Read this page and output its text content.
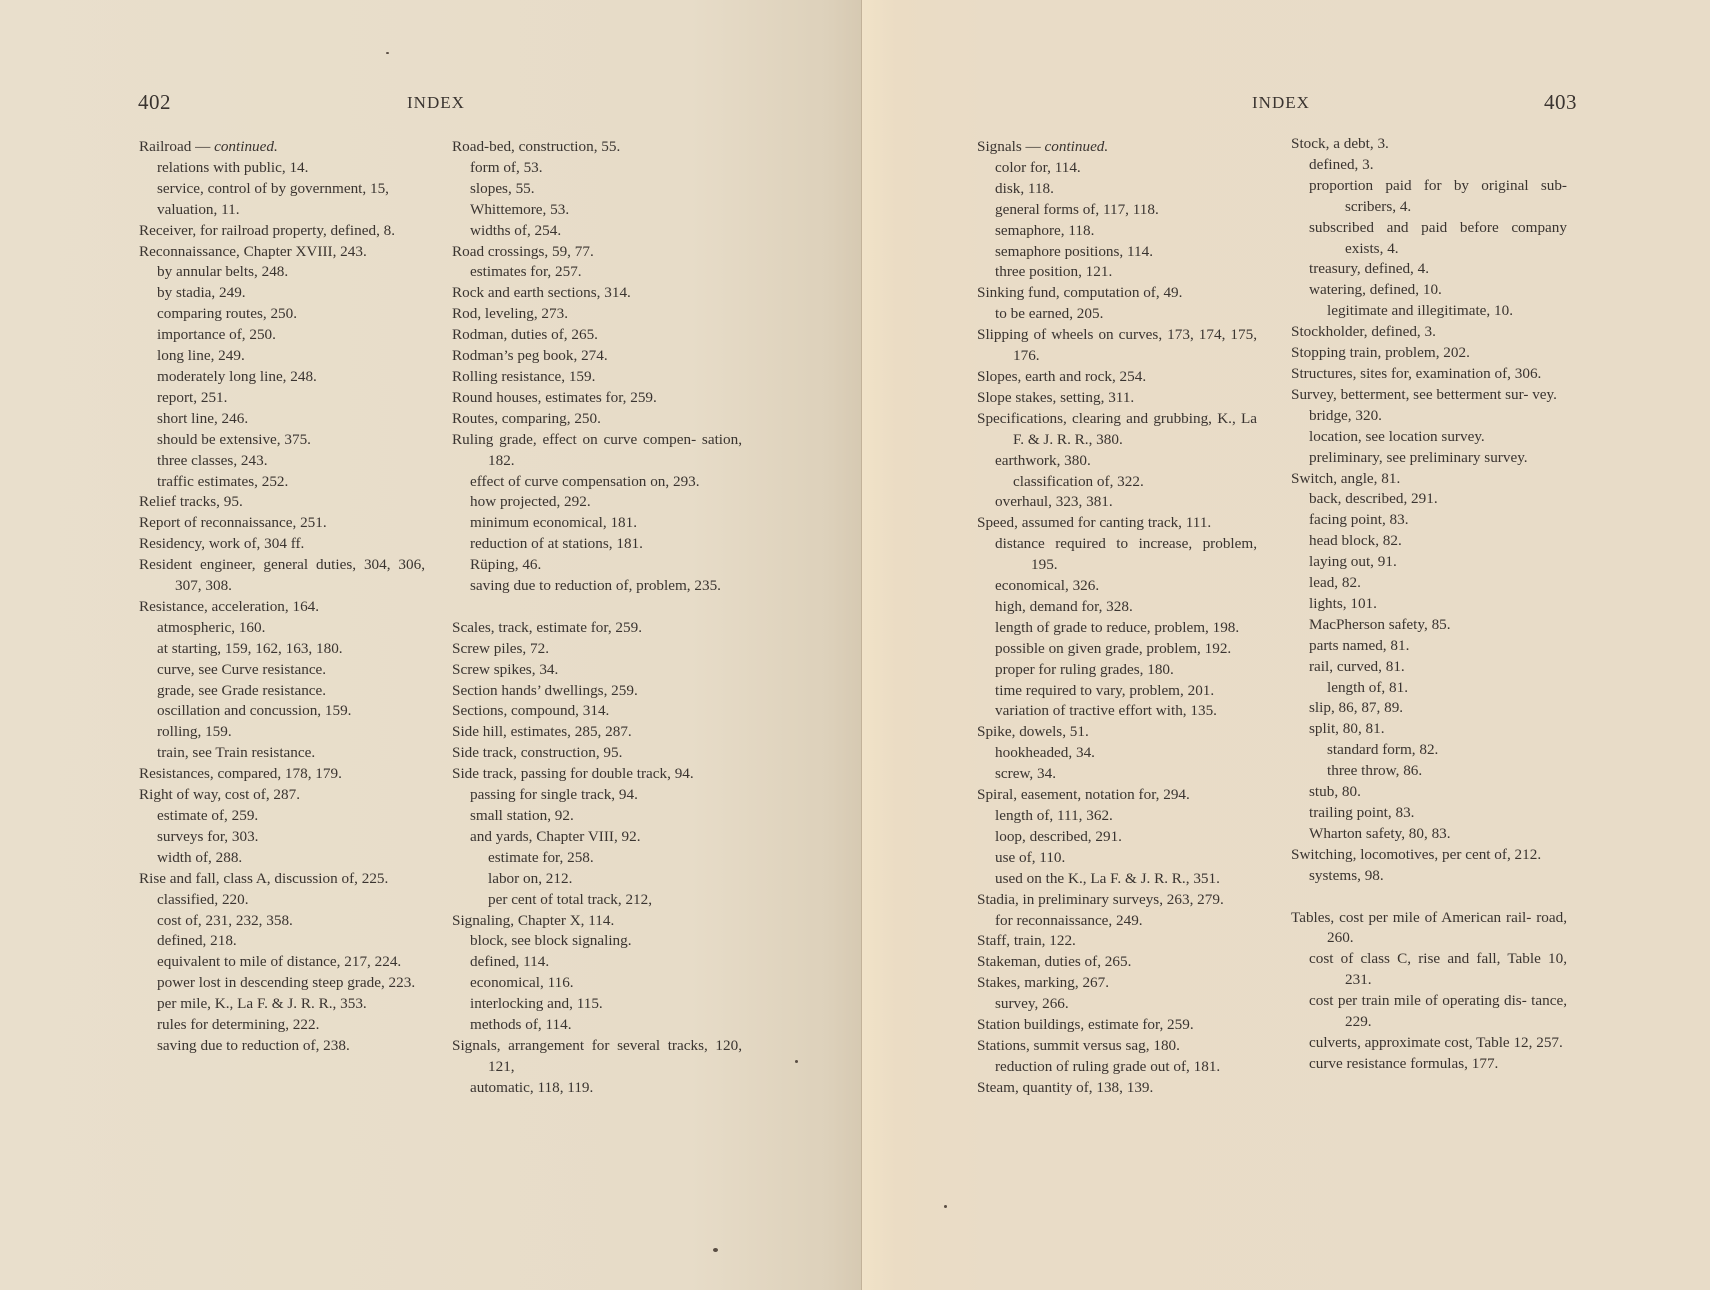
402	INDEX
Railroad — continued.
relations with public, 14.
service, control of by government, 15,
valuation, 11.
Receiver, for railroad property, defined, 8.
Reconnaissance, Chapter XVIII, 243.
by annular belts, 248.
by stadia, 249.
comparing routes, 250.
importance of, 250.
long line, 249.
moderately long line, 248.
report, 251.
short line, 246.
should be extensive, 375.
three classes, 243.
traffic estimates, 252.
Relief tracks, 95.
Report of reconnaissance, 251.
Residency, work of, 304 ff.
Resident engineer, general duties, 304, 306, 307, 308.
Resistance, acceleration, 164.
atmospheric, 160.
at starting, 159, 162, 163, 180.
curve, see Curve resistance.
grade, see Grade resistance.
oscillation and concussion, 159.
rolling, 159.
train, see Train resistance.
Resistances, compared, 178, 179.
Right of way, cost of, 287.
estimate of, 259.
surveys for, 303.
width of, 288.
Rise and fall, class A, discussion of, 225.
classified, 220.
cost of, 231, 232, 358.
defined, 218.
equivalent to mile of distance, 217, 224.
power lost in descending steep grade, 223.
per mile, K., La F. & J. R. R., 353.
rules for determining, 222.
saving due to reduction of, 238.
Road-bed, construction, 55.
form of, 53.
slopes, 55.
Whittemore, 53.
widths of, 254.
Road crossings, 59, 77.
estimates for, 257.
Rock and earth sections, 314.
Rod, leveling, 273.
Rodman, duties of, 265.
Rodman’s peg book, 274.
Rolling resistance, 159.
Round houses, estimates for, 259.
Routes, comparing, 250.
Ruling grade, effect on curve compen- sation, 182.
effect of curve compensation on, 293.
how projected, 292.
minimum economical, 181.
reduction of at stations, 181.
Rüping, 46.
saving due to reduction of, problem, 235.
Scales, track, estimate for, 259.
Screw piles, 72.
Screw spikes, 34.
Section hands’ dwellings, 259.
Sections, compound, 314.
Side hill, estimates, 285, 287.
Side track, construction, 95.
Side track, passing for double track, 94.
passing for single track, 94.
small station, 92.
and yards, Chapter VIII, 92.
estimate for, 258.
labor on, 212.
per cent of total track, 212,
Signaling, Chapter X, 114.
block, see block signaling.
defined, 114.
economical, 116.
interlocking and, 115.
methods of, 114.
Signals, arrangement for several tracks, 120, 121,
automatic, 118, 119.
INDEX	403
Signals — continued.
color for, 114.
disk, 118.
general forms of, 117, 118.
semaphore, 118.
semaphore positions, 114.
three position, 121.
Sinking fund, computation of, 49.
to be earned, 205.
Slipping of wheels on curves, 173, 174, 175, 176.
Slopes, earth and rock, 254.
Slope stakes, setting, 311.
Specifications, clearing and grubbing, K., La F. & J. R. R., 380.
earthwork, 380.
classification of, 322.
overhaul, 323, 381.
Speed, assumed for canting track, 111.
distance required to increase, problem, 195.
economical, 326.
high, demand for, 328.
length of grade to reduce, problem, 198.
possible on given grade, problem, 192.
proper for ruling grades, 180.
time required to vary, problem, 201.
variation of tractive effort with, 135.
Spike, dowels, 51.
hookheaded, 34.
screw, 34.
Spiral, easement, notation for, 294.
length of, 111, 362.
loop, described, 291.
use of, 110.
used on the K., La F. & J. R. R., 351.
Stadia, in preliminary surveys, 263, 279.
for reconnaissance, 249.
Staff, train, 122.
Stakeman, duties of, 265.
Stakes, marking, 267.
survey, 266.
Station buildings, estimate for, 259.
Stations, summit versus sag, 180.
reduction of ruling grade out of, 181.
Steam, quantity of, 138, 139.
Stock, a debt, 3.
defined, 3.
proportion paid for by original sub- scribers, 4.
subscribed and paid before company exists, 4.
treasury, defined, 4.
watering, defined, 10.
legitimate and illegitimate, 10.
Stockholder, defined, 3.
Stopping train, problem, 202.
Structures, sites for, examination of, 306.
Survey, betterment, see betterment sur- vey.
bridge, 320.
location, see location survey.
preliminary, see preliminary survey.
Switch, angle, 81.
back, described, 291.
facing point, 83.
head block, 82.
laying out, 91.
lead, 82.
lights, 101.
MacPherson safety, 85.
parts named, 81.
rail, curved, 81.
length of, 81.
slip, 86, 87, 89.
split, 80, 81.
standard form, 82.
three throw, 86.
stub, 80.
trailing point, 83.
Wharton safety, 80, 83.
Switching, locomotives, per cent of, 212.
systems, 98.
Tables, cost per mile of American rail- road, 260.
cost of class C, rise and fall, Table 10, 231.
cost per train mile of operating dis- tance, 229.
culverts, approximate cost, Table 12, 257.
curve resistance formulas, 177.
